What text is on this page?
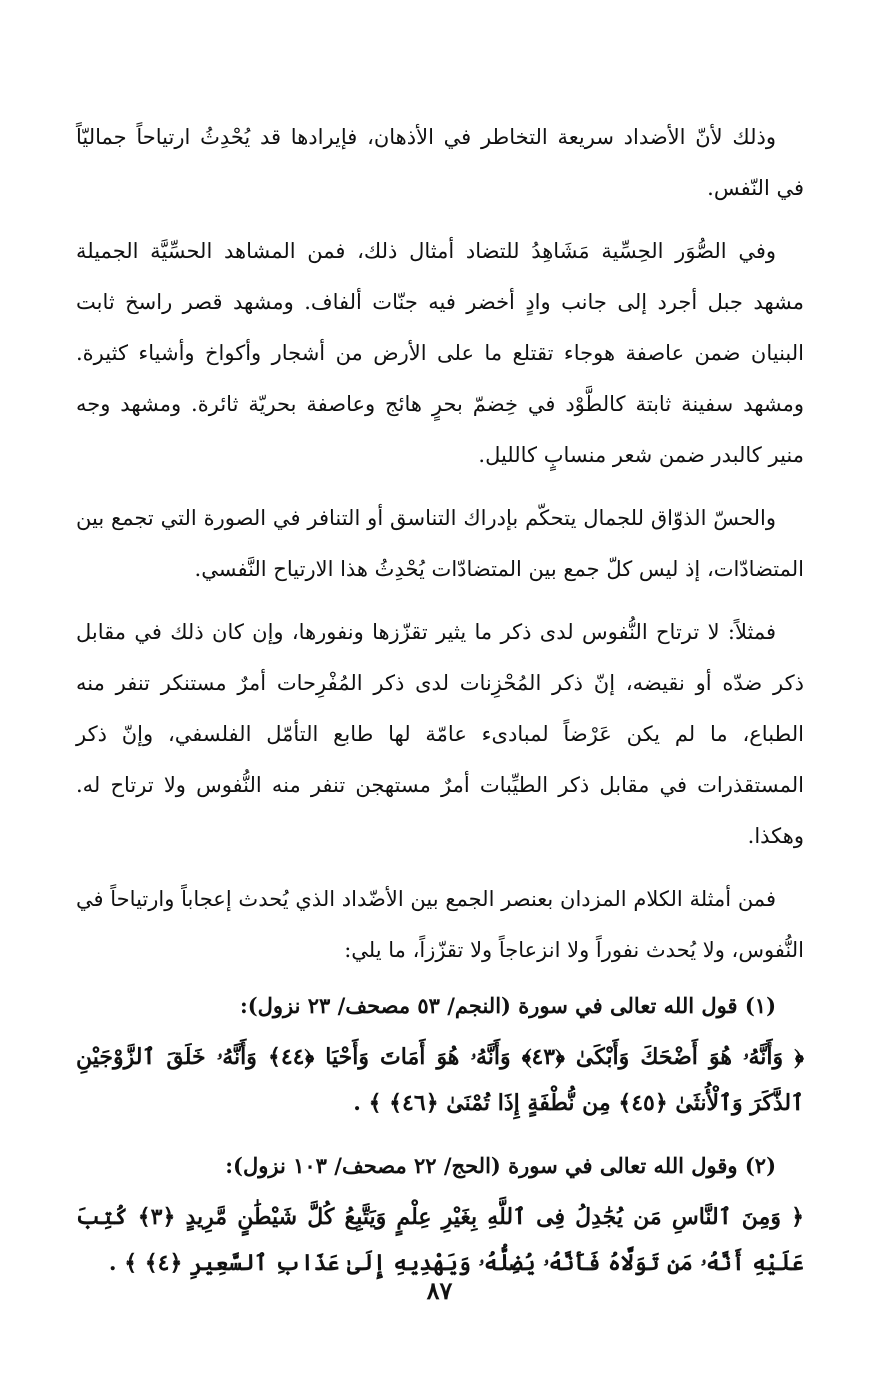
وذلك لأنّ الأضداد سريعة التخاطر في الأذهان، فإيرادها قد يُحْدِثُ ارتياحاً جماليّاً في النّفس.

وفي الصُّوَر الحِسِّية مَشَاهِدُ للتضاد أمثال ذلك، فمن المشاهد الحسِّيَّة الجميلة مشهد جبل أجرد إلى جانب وادٍ أخضر فيه جنّات ألفاف. ومشهد قصر راسخ ثابت البنيان ضمن عاصفة هوجاء تقتلع ما على الأرض من أشجار وأكواخ وأشياء كثيرة. ومشهد سفينة ثابتة كالطَّوْد في خِضمّ بحرٍ هائج وعاصفة بحريّة ثائرة. ومشهد وجه منير كالبدر ضمن شعر منسابٍ كالليل.

والحسّ الذوّاق للجمال يتحكّم بإدراك التناسق أو التنافر في الصورة التي تجمع بين المتضادّات، إذ ليس كلّ جمع بين المتضادّات يُحْدِثُ هذا الارتياح النَّفسي.

فمثلاً: لا ترتاح النُّفوس لدى ذكر ما يثير تقزّزها ونفورها، وإن كان ذلك في مقابل ذكر ضدّه أو نقيضه، إنّ ذكر المُحْزِنات لدى ذكر المُفْرِحات أمرٌ مستنكر تنفر منه الطباع، ما لم يكن عَرْضاً لمبادىء عامّة لها طابع التأمّل الفلسفي، وإنّ ذكر المستقذرات في مقابل ذكر الطيِّبات أمرٌ مستهجن تنفر منه النُّفوس ولا ترتاح له. وهكذا.

فمن أمثلة الكلام المزدان بعنصر الجمع بين الأضّداد الذي يُحدث إعجاباً وارتياحاً في النُّفوس، ولا يُحدث نفوراً ولا انزعاجاً ولا تقزّزاً، ما يلي:

(١) قول الله تعالى في سورة (النجم/ ٥٣ مصحف/ ٢٣ نزول):
﴿ وَأَنَّهُۥ هُوَ أَضْحَكَ وَأَبْكَىٰ ﴿٤٣﴾ وَأَنَّهُۥ هُوَ أَمَاتَ وَأَحْيَا ﴿٤٤﴾ وَأَنَّهُۥ خَلَقَ ٱلزَّوْجَيْنِ ٱلذَّكَرَ وَٱلْأُنثَىٰ ﴿٤٥﴾ مِن نُّطْفَةٍ إِذَا تُمْنَىٰ ﴿٤٦﴾ ﴾ .
(٢) وقول الله تعالى في سورة (الحج/ ٢٢ مصحف/ ١٠٣ نزول):
﴿ وَمِنَ ٱلنَّاسِ مَن يُجَٰدِلُ فِى ٱللَّهِ بِغَيْرِ عِلْمٍ وَيَتَّبِعُ كُلَّ شَيْطَٰنٍ مَّرِيدٍ ﴿٣﴾ كُتِبَ عَلَيْهِ أَنَّهُۥ مَن تَوَلَّاهُ فَأَنَّهُۥ يُضِلُّهُۥ وَيَهْدِيهِ إِلَىٰ عَذَابِ ٱلسَّعِيرِ ﴿٤﴾ ﴾ .
٨٧
